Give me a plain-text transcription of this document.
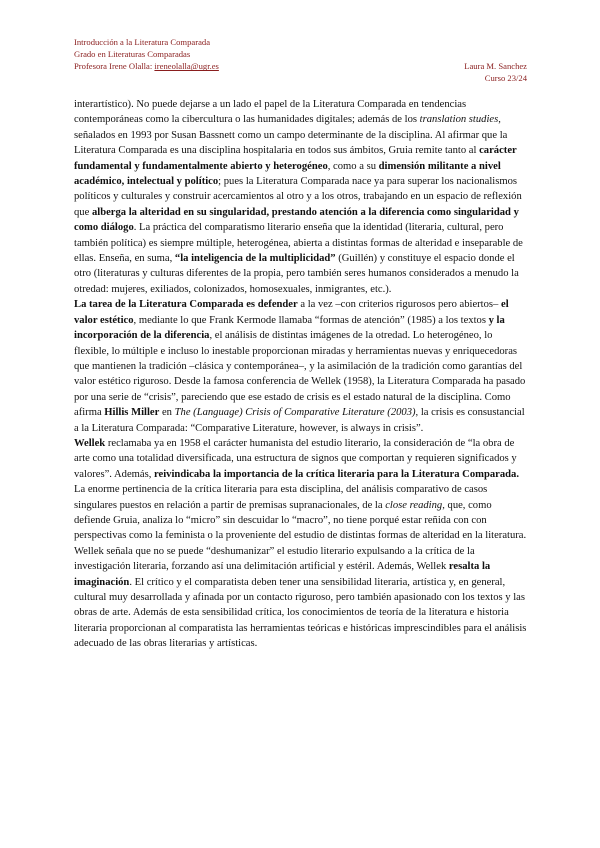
Introducción a la Literatura Comparada
Grado en Literaturas Comparadas
Profesora Irene Olalla: ireneolalla@ugr.es	Laura M. Sanchez
Curso 23/24

interartístico). No puede dejarse a un lado el papel de la Literatura Comparada en tendencias contemporáneas como la cibercultura o las humanidades digitales; además de los translation studies, señalados en 1993 por Susan Bassnett como un campo determinante de la disciplina. Al afirmar que la Literatura Comparada es una disciplina hospitalaria en todos sus ámbitos, Gruia remite tanto al carácter fundamental y fundamentalmente abierto y heterogéneo, como a su dimensión militante a nivel académico, intelectual y político; pues la Literatura Comparada nace ya para superar los nacionalismos políticos y culturales y construir acercamientos al otro y a los otros, trabajando en un espacio de reflexión que alberga la alteridad en su singularidad, prestando atención a la diferencia como singularidad y como diálogo. La práctica del comparatismo literario enseña que la identidad (literaria, cultural, pero también política) es siempre múltiple, heterogénea, abierta a distintas formas de alteridad e inseparable de ellas. Enseña, en suma, “la inteligencia de la multiplicidad” (Guillén) y constituye el espacio donde el otro (literaturas y culturas diferentes de la propia, pero también seres humanos considerados a menudo la otredad: mujeres, exiliados, colonizados, homosexuales, inmigrantes, etc.).

La tarea de la Literatura Comparada es defender a la vez –con criterios rigurosos pero abiertos– el valor estético, mediante lo que Frank Kermode llamaba “formas de atención” (1985) a los textos y la incorporación de la diferencia, el análisis de distintas imágenes de la otredad. Lo heterogéneo, lo flexible, lo múltiple e incluso lo inestable proporcionan miradas y herramientas nuevas y enriquecedoras que mantienen la tradición –clásica y contemporánea–, y la asimilación de la tradición como garantías del valor estético riguroso. Desde la famosa conferencia de Wellek (1958), la Literatura Comparada ha pasado por una serie de “crisis”, pareciendo que ese estado de crisis es el estado natural de la disciplina. Como afirma Hillis Miller en The (Language) Crisis of Comparative Literature (2003), la crisis es consustancial a la Literatura Comparada: “Comparative Literature, however, is always in crisis”.

Wellek reclamaba ya en 1958 el carácter humanista del estudio literario, la consideración de “la obra de arte como una totalidad diversificada, una estructura de signos que comportan y requieren significados y valores”. Además, reivindicaba la importancia de la crítica literaria para la Literatura Comparada. La enorme pertinencia de la crítica literaria para esta disciplina, del análisis comparativo de casos singulares puestos en relación a partir de premisas supranacionales, de la close reading, que, como defiende Gruia, analiza lo “micro” sin descuidar lo “macro”, no tiene porqué estar reñida con con perspectivas como la feminista o la proveniente del estudio de distintas formas de alteridad en la literatura. Wellek señala que no se puede “deshumanizar” el estudio literario expulsando a la crítica de la investigación literaria, forzando así una delimitación artificial y estéril. Además, Wellek resalta la imaginación. El crítico y el comparatista deben tener una sensibilidad literaria, artística y, en general, cultural muy desarrollada y afinada por un contacto riguroso, pero también apasionado con los textos y las obras de arte. Además de esta sensibilidad crítica, los conocimientos de teoría de la literatura e historia literaria proporcionan al comparatista las herramientas teóricas e históricas imprescindibles para el análisis adecuado de las obras literarias y artísticas.
